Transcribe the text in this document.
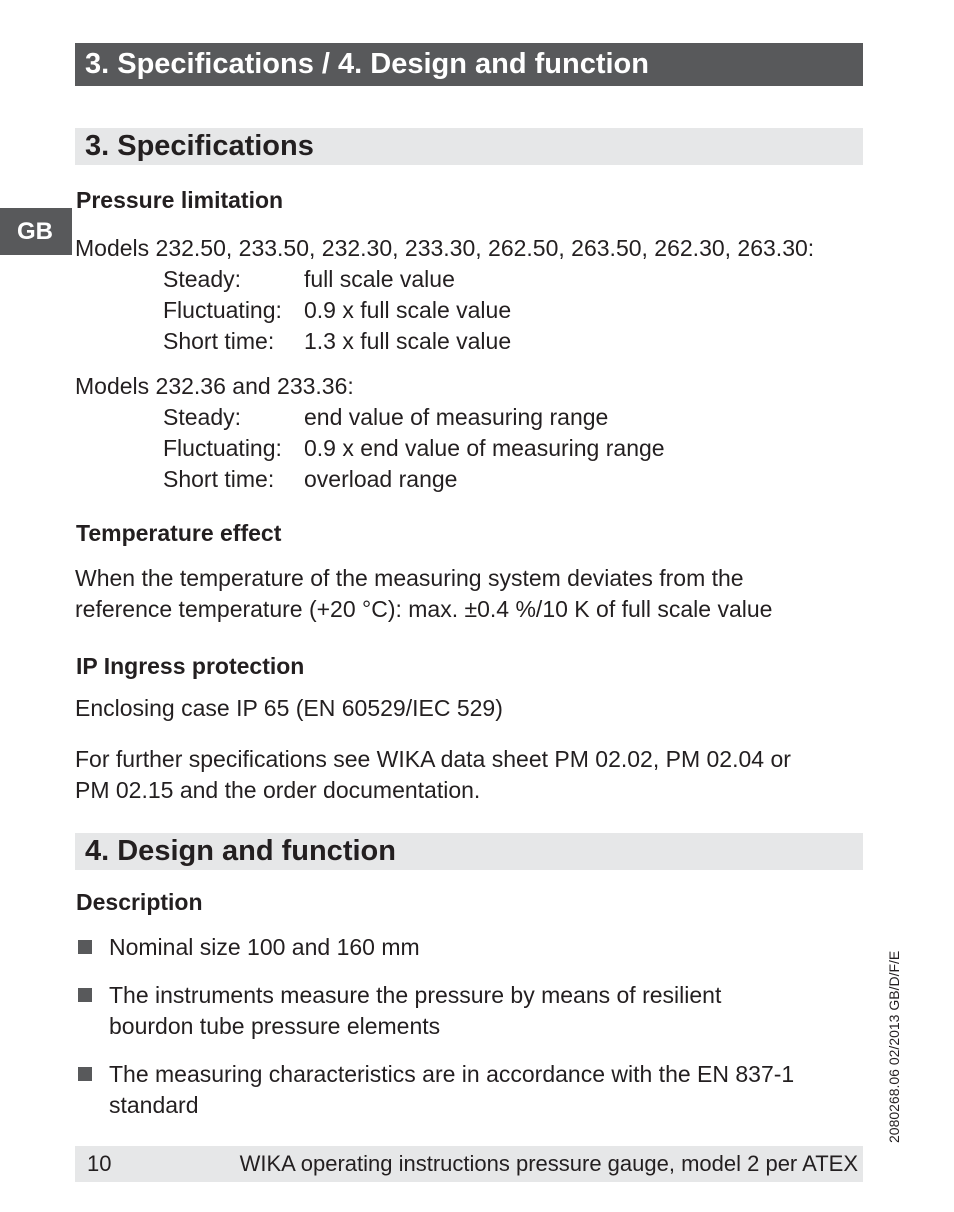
3. Specifications / 4. Design and function
GB
3. Specifications
Pressure limitation
Models 232.50, 233.50, 232.30, 233.30, 262.50, 263.50, 262.30, 263.30:
Steady:	full scale value
Fluctuating: 0.9 x full scale value
Short time: 1.3 x full scale value
Models 232.36 and 233.36:
Steady:	end value of measuring range
Fluctuating: 0.9 x end value of measuring range
Short time: overload range
Temperature effect
When the temperature of the measuring system deviates from the
reference temperature (+20 °C): max. ±0.4 %/10 K of full scale value
IP Ingress protection
Enclosing case IP 65 (EN 60529/IEC 529)
For further specifications see WIKA data sheet PM 02.02, PM 02.04 or
PM 02.15 and the order documentation.
4. Design and function
Description
Nominal size 100 and 160 mm
The instruments measure the pressure by means of resilient
bourdon tube pressure elements
The measuring characteristics are in accordance with the EN 837-1
standard	2080268.06 02/2013 GB/D/F/E
10	WIKA operating instructions pressure gauge, model 2 per ATEX
